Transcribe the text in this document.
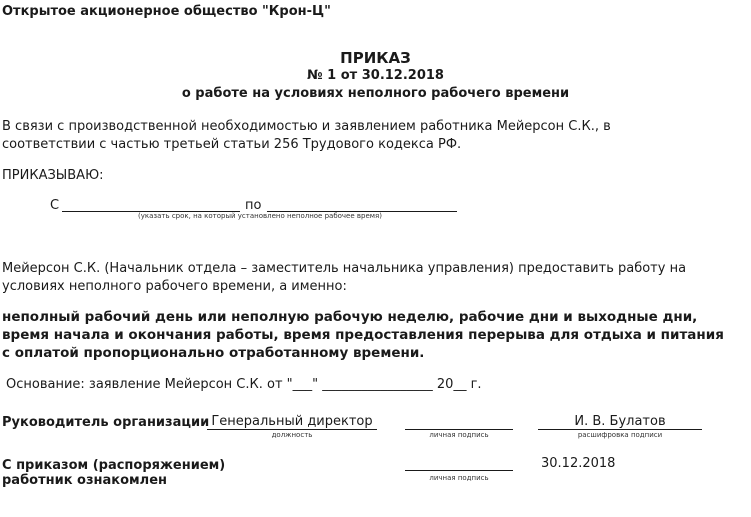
Открытое акционерное общество "Крон-Ц"
ПРИКАЗ
№ 1 от 30.12.2018
о работе на условиях неполного рабочего времени
В связи с производственной необходимостью и заявлением работника Мейерсон С.К., в
соответствии с частью третьей статьи 256 Трудового кодекса РФ.
ПРИКАЗЫВАЮ:
С	по
(указать срок, на который установлено неполное рабочее время)
Мейерсон С.К. (Начальник отдела – заместитель начальника управления) предоставить работу на
условиях неполного рабочего времени, а именно:
неполный рабочий день или неполную рабочую неделю, рабочие дни и выходные дни,
время начала и окончания работы, время предоставления перерыва для отдыха и питания
с оплатой пропорционально отработанному времени.
Основание: заявление Мейерсон С.К. от "___" _________________ 20__ г.
Руководитель организации Генеральный директор
должность	личная подпись
И. В. Булатов
расшифровка подписи
С приказом (распоряжением)
работник ознакомлен	личная подпись
30.12.2018
